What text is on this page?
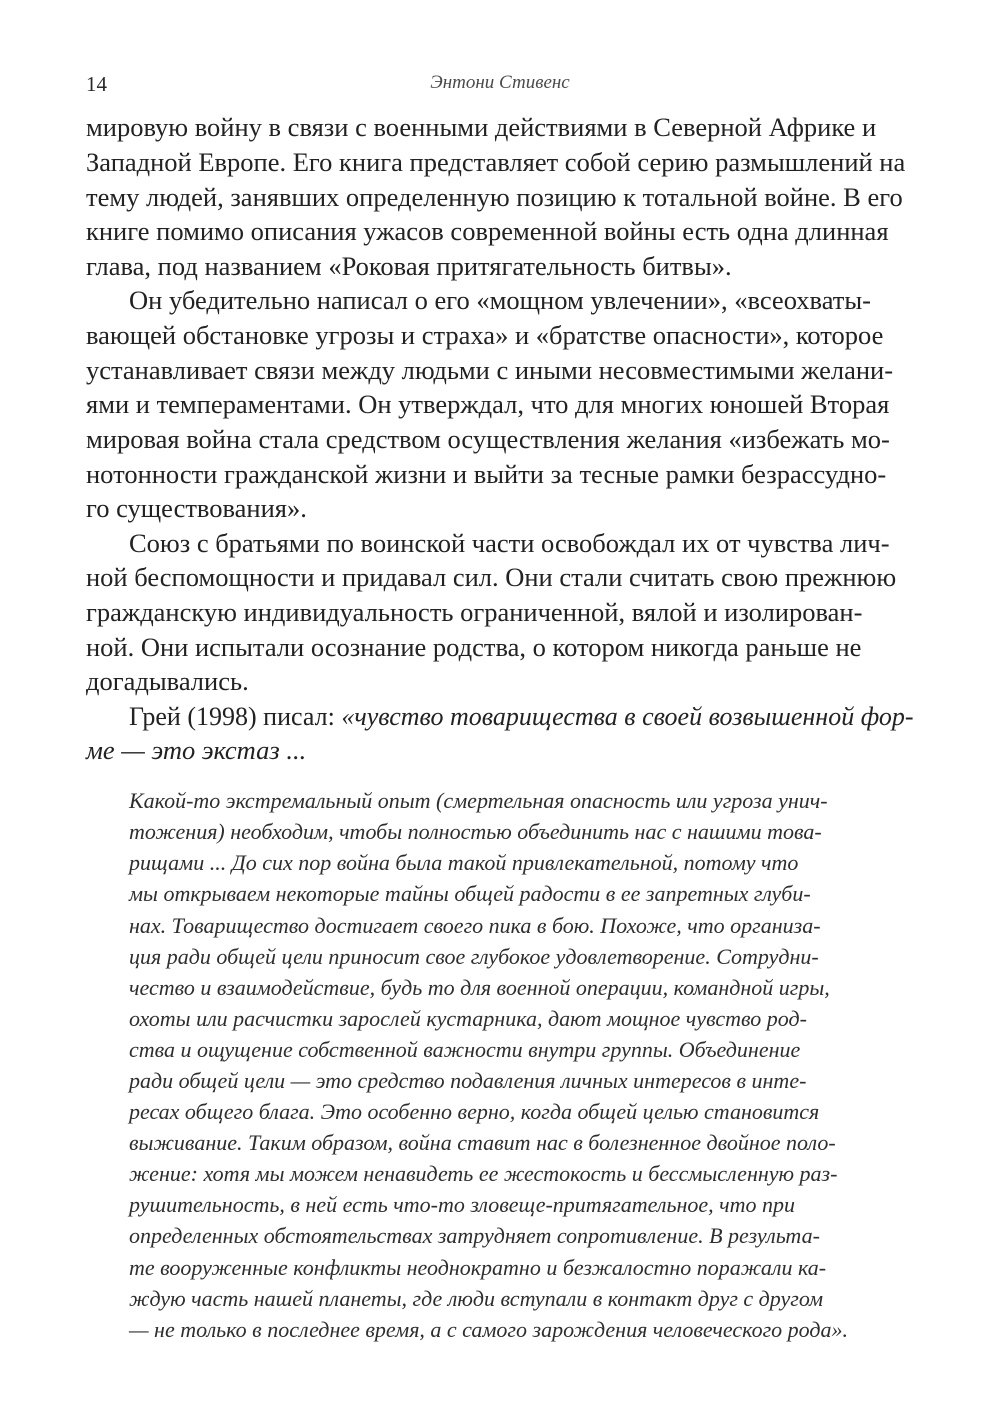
14	Энтони Стивенс
мировую войну в связи с военными действиями в Северной Африке и
Западной Европе. Его книга представляет собой серию размышлений на
тему людей, занявших определенную позицию к тотальной войне. В его
книге помимо описания ужасов современной войны есть одна длинная
глава, под названием «Роковая притягательность битвы».
Он убедительно написал о его «мощном увлечении», «всеохваты-
вающей обстановке угрозы и страха» и «братстве опасности», которое
устанавливает связи между людьми с иными несовместимыми желани-
ями и темпераментами. Он утверждал, что для многих юношей Вторая
мировая война стала средством осуществления желания «избежать мо-
нотонности гражданской жизни и выйти за тесные рамки безрассудно-
го существования».
Союз с братьями по воинской части освобождал их от чувства лич-
ной беспомощности и придавал сил. Они стали считать свою прежнюю
гражданскую индивидуальность ограниченной, вялой и изолирован-
ной. Они испытали осознание родства, о котором никогда раньше не
догадывались.
Грей (1998) писал: «чувство товарищества в своей возвышенной фор-
ме — это экстаз ...
Какой-то экстремальный опыт (смертельная опасность или угроза унич-
тожения) необходим, чтобы полностью объединить нас с нашими това-
рищами ... До сих пор война была такой привлекательной, потому что
мы открываем некоторые тайны общей радости в ее запретных глуби-
нах. Товарищество достигает своего пика в бою. Похоже, что организа-
ция ради общей цели приносит свое глубокое удовлетворение. Сотрудни-
чество и взаимодействие, будь то для военной операции, командной игры,
охоты или расчистки зарослей кустарника, дают мощное чувство род-
ства и ощущение собственной важности внутри группы. Объединение
ради общей цели — это средство подавления личных интересов в инте-
ресах общего блага. Это особенно верно, когда общей целью становится
выживание. Таким образом, война ставит нас в болезненное двойное поло-
жение: хотя мы можем ненавидеть ее жестокость и бессмысленную раз-
рушительность, в ней есть что-то зловеще-притягательное, что при
определенных обстоятельствах затрудняет сопротивление. В результа-
те вооруженные конфликты неоднократно и безжалостно поражали ка-
ждую часть нашей планеты, где люди вступали в контакт друг с другом
— не только в последнее время, а с самого зарождения человеческого рода».
